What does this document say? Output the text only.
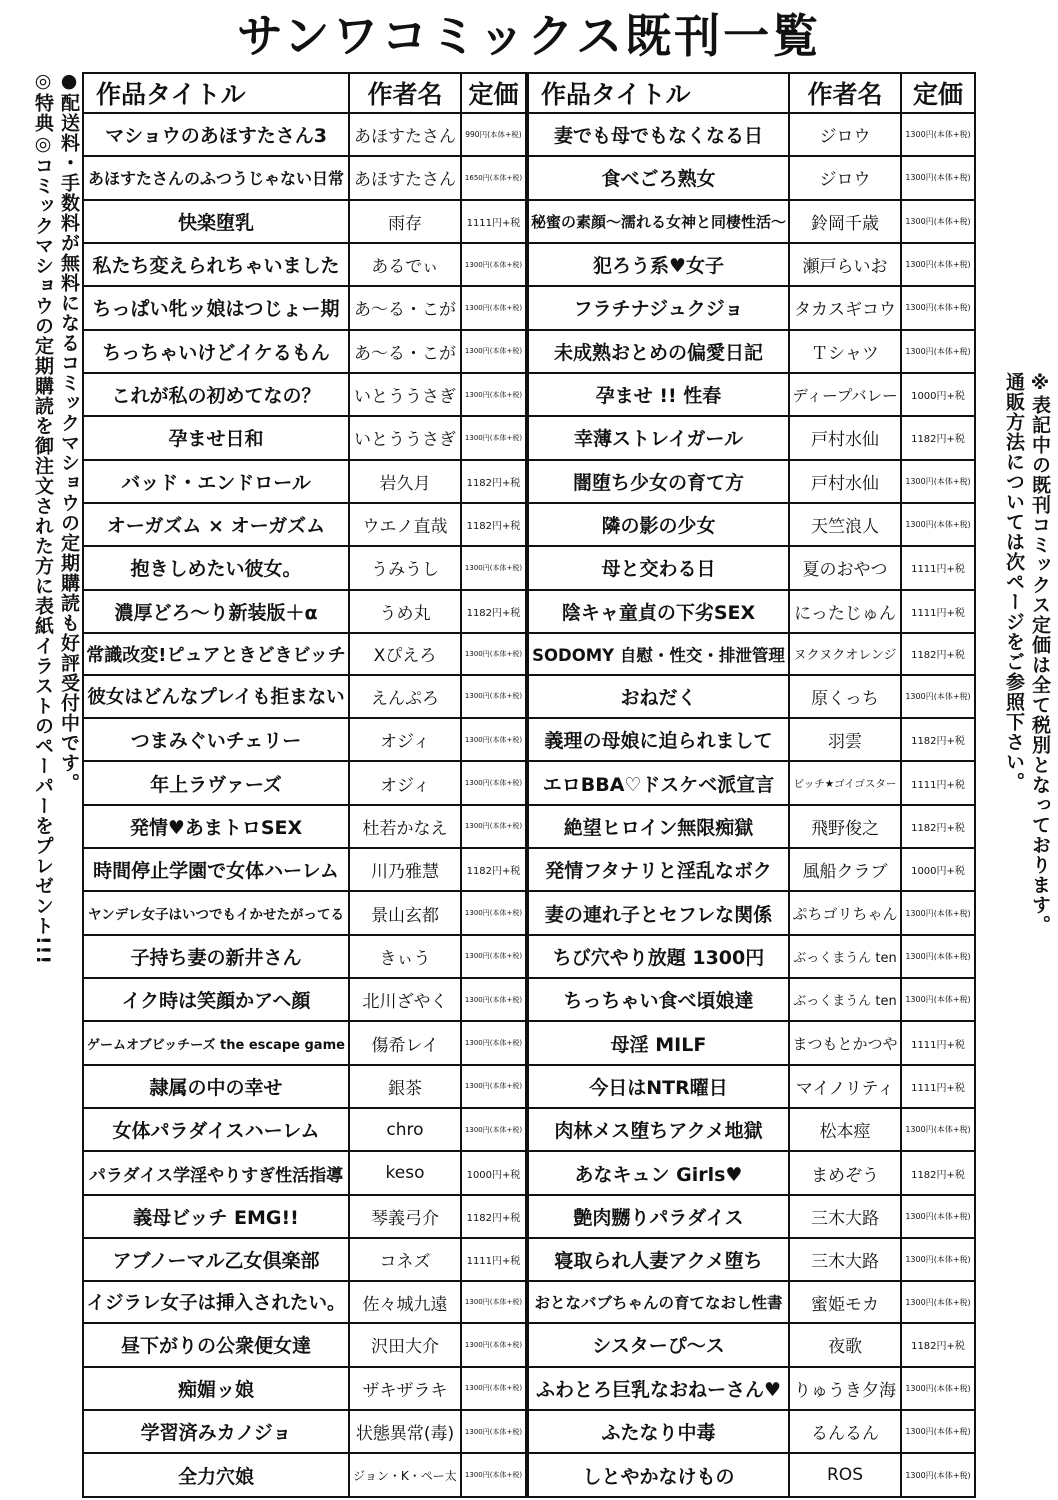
サンワコミックス既刊一覧
●配送料・手数料が無料になるコミックマショウの定期購読も好評受付中です。
◎特典◎コミックマショウの定期購読を御注文された方に表紙イラストのペーパーをプレゼント!!!	※表記中の既刊コミックス定価は全て税別となっております。
通販方法については次ページをご参照下さい。
作品タイトル	作者名	定価	作品タイトル	作者名	定価
マショウのあほすたさん3	あほすたさん	990円(本体+税)	妻でも母でもなくなる日	ジロウ	1300円(本体+税)
あほすたさんのふつうじゃない日常	あほすたさん	1650円(本体+税)	食べごろ熟女	ジロウ	1300円(本体+税)
快楽堕乳	雨存	1111円+税	秘蜜の素顔～濡れる女神と同棲性活～	鈴岡千歳	1300円(本体+税)
私たち変えられちゃいました	あるでぃ	1300円(本体+税)	犯ろう系♥女子	瀬戸らいお	1300円(本体+税)
ちっぱい牝ッ娘はつじょー期	あ～る・こが	1300円(本体+税)	フラチナジュクジョ	タカスギコウ	1300円(本体+税)
ちっちゃいけどイケるもん	あ～る・こが	1300円(本体+税)	未成熟おとめの偏愛日記	Ｔシャツ	1300円(本体+税)
これが私の初めてなの？	いとううさぎ	1300円(本体+税)	孕ませ !! 性春	ディープバレー	1000円+税
孕ませ日和	いとううさぎ	1300円(本体+税)	幸薄ストレイガール	戸村水仙	1182円+税
バッド・エンドロール	岩久月	1182円+税	闇堕ち少女の育て方	戸村水仙	1300円(本体+税)
オーガズム × オーガズム	ウエノ直哉	1182円+税	隣の影の少女	天竺浪人	1300円(本体+税)
抱きしめたい彼女。	うみうし	1300円(本体+税)	母と交わる日	夏のおやつ	1111円+税
濃厚どろ～り新装版＋α	うめ丸	1182円+税	陰キャ童貞の下劣SEX	にったじゅん	1111円+税
常識改変!ピュアときどきビッチ	Xぴえろ	1300円(本体+税)	SODOMY 自慰・性交・排泄管理	ヌクヌクオレンジ	1182円+税
彼女はどんなプレイも拒まない	えんぷろ	1300円(本体+税)	おねだく	原くっち	1300円(本体+税)
つまみぐいチェリー	オジィ	1300円(本体+税)	義理の母娘に迫られまして	羽雲	1182円+税
年上ラヴァーズ	オジィ	1300円(本体+税)	エロBBA♡ドスケベ派宣言	ビッチ★ゴイゴスター	1111円+税
発情♥あまトロSEX	杜若かなえ	1300円(本体+税)	絶望ヒロイン無限痴獄	飛野俊之	1182円+税
時間停止学園で女体ハーレム	川乃雅慧	1182円+税	発情フタナリと淫乱なボク	風船クラブ	1000円+税
ヤンデレ女子はいつでもイかせたがってる	景山玄都	1300円(本体+税)	妻の連れ子とセフレな関係	ぷちゴリちゃん	1300円(本体+税)
子持ち妻の新井さん	きぃう	1300円(本体+税)	ちび穴やり放題 1300円	ぶっくまうん ten	1300円(本体+税)
イク時は笑顔かアヘ顔	北川ざやく	1300円(本体+税)	ちっちゃい食べ頃娘達	ぶっくまうん ten	1300円(本体+税)
ゲームオブビッチーズ the escape game	傷希レイ	1300円(本体+税)	母淫 MILF	まつもとかつや	1111円+税
隷属の中の幸せ	銀茶	1300円(本体+税)	今日はNTR曜日	マイノリティ	1111円+税
女体パラダイスハーレム	chro	1300円(本体+税)	肉林メス堕ちアクメ地獄	松本痙	1300円(本体+税)
パラダイス学淫やりすぎ性活指導	keso	1000円+税	あなキュン Girls♥	まめぞう	1182円+税
義母ビッチ EMG!!	琴義弓介	1182円+税	艶肉嬲りパラダイス	三木大路	1300円(本体+税)
アブノーマル乙女倶楽部	コネズ	1111円+税	寝取られ人妻アクメ堕ち	三木大路	1300円(本体+税)
イジラレ女子は挿入されたい。	佐々城九遠	1300円(本体+税)	おとなバブちゃんの育てなおし性書	蜜姫モカ	1300円(本体+税)
昼下がりの公衆便女達	沢田大介	1300円(本体+税)	シスターぴ～ス	夜歌	1182円+税
痴媚ッ娘	ザキザラキ	1300円(本体+税)	ふわとろ巨乳なおねーさん♥	りゅうき夕海	1300円(本体+税)
学習済みカノジョ	状態異常(毒)	1300円(本体+税)	ふたなり中毒	るんるん	1300円(本体+税)
全力穴娘	ジョン・K・ペー太	1300円(本体+税)	しとやかなけもの	ROS	1300円(本体+税)
